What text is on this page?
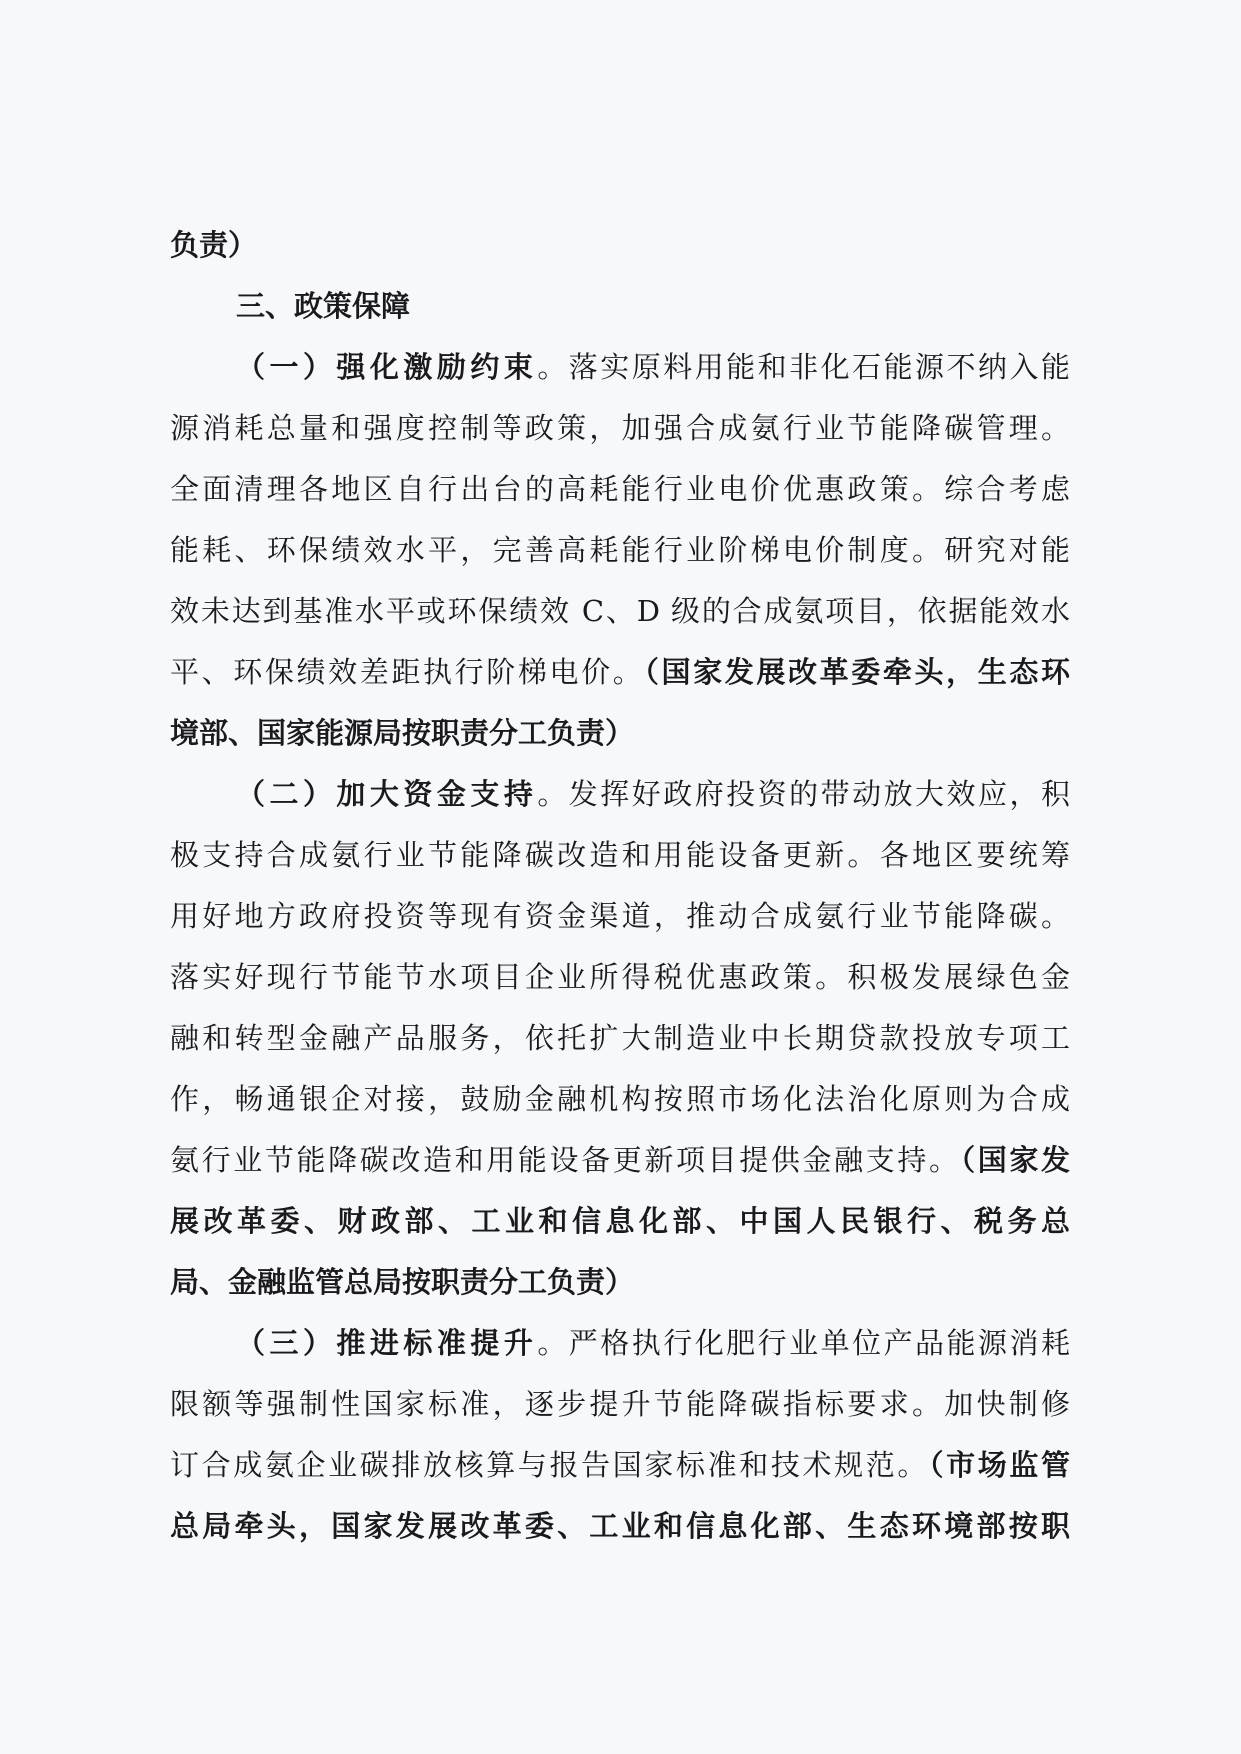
负责）
三、政策保障
（一）强化激励约束。落实原料用能和非化石能源不纳入能
源消耗总量和强度控制等政策，加强合成氨行业节能降碳管理。
全面清理各地区自行出台的高耗能行业电价优惠政策。综合考虑
能耗、环保绩效水平，完善高耗能行业阶梯电价制度。研究对能
效未达到基准水平或环保绩效 C、D 级的合成氨项目，依据能效水
平、环保绩效差距执行阶梯电价。（国家发展改革委牵头，生态环
境部、国家能源局按职责分工负责）
（二）加大资金支持。发挥好政府投资的带动放大效应，积
极支持合成氨行业节能降碳改造和用能设备更新。各地区要统筹
用好地方政府投资等现有资金渠道，推动合成氨行业节能降碳。
落实好现行节能节水项目企业所得税优惠政策。积极发展绿色金
融和转型金融产品服务，依托扩大制造业中长期贷款投放专项工
作，畅通银企对接，鼓励金融机构按照市场化法治化原则为合成
氨行业节能降碳改造和用能设备更新项目提供金融支持。（国家发
展改革委、财政部、工业和信息化部、中国人民银行、税务总
局、金融监管总局按职责分工负责）
（三）推进标准提升。严格执行化肥行业单位产品能源消耗
限额等强制性国家标准，逐步提升节能降碳指标要求。加快制修
订合成氨企业碳排放核算与报告国家标准和技术规范。（市场监管
总局牵头，国家发展改革委、工业和信息化部、生态环境部按职
